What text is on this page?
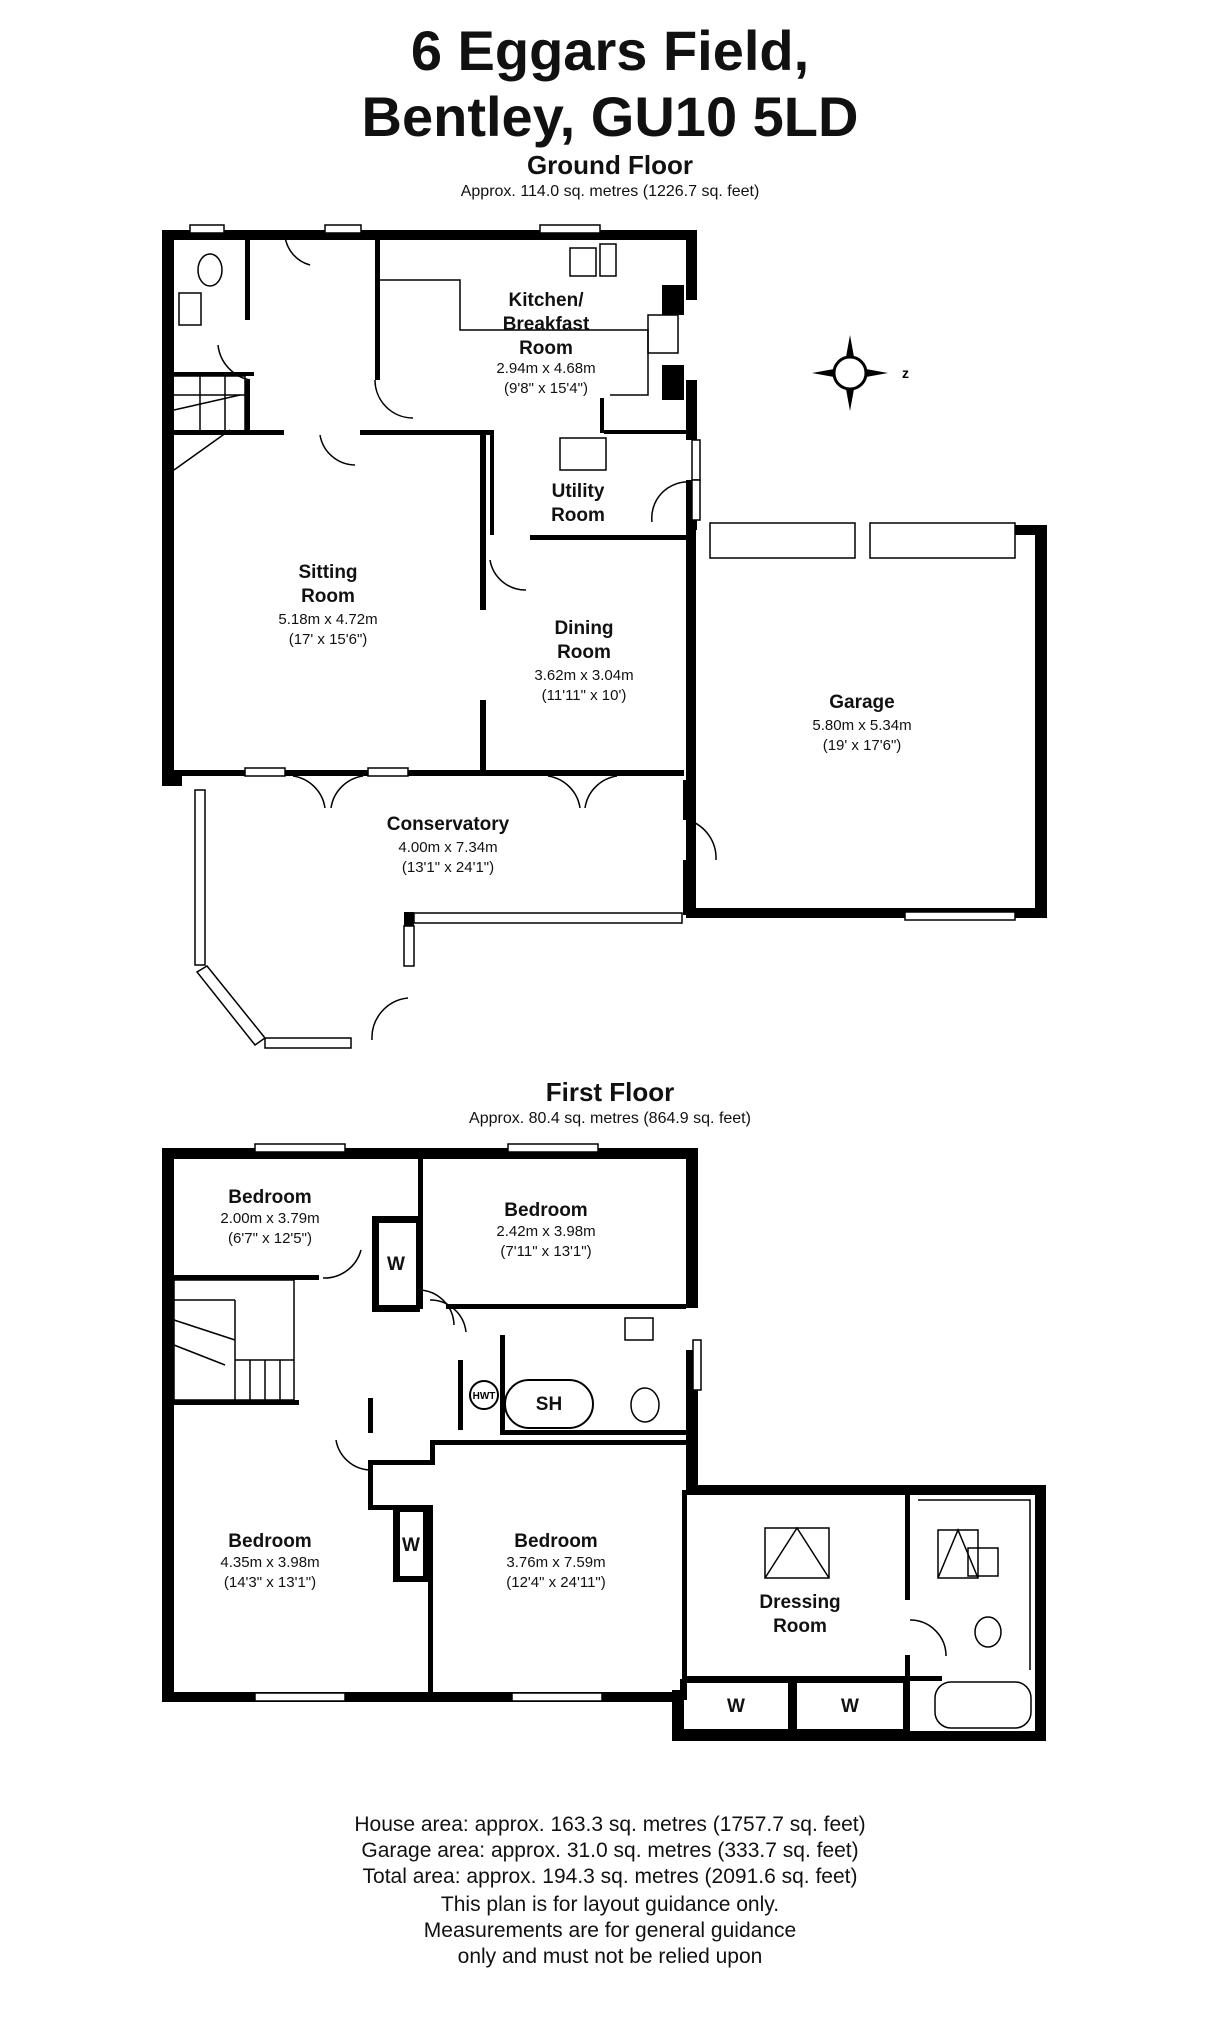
6 Eggars Field,
Bentley, GU10 5LD
Ground Floor
Approx. 114.0 sq. metres (1226.7 sq. feet)
First Floor
Approx. 80.4 sq. metres (864.9 sq. feet)
z
Kitchen/
Breakfast
Room
2.94m x 4.68m
(9'8" x 15'4")
Utility
Room
Sitting
Room
5.18m x 4.72m
(17' x 15'6")
Dining
Room
3.62m x 3.04m
(11'11" x 10')	Garage
5.80m x 5.34m
(19' x 17'6")
Conservatory
4.00m x 7.34m
(13'1" x 24'1")
W
W
W	W
HWT SH
Bedroom
2.00m x 3.79m
(6'7" x 12'5")
Bedroom
2.42m x 3.98m
(7'11" x 13'1")
Bedroom
4.35m x 3.98m
(14'3" x 13'1")
Bedroom
3.76m x 7.59m
(12'4" x 24'11")
Dressing
Room
House area: approx. 163.3 sq. metres (1757.7 sq. feet)
Garage area: approx. 31.0 sq. metres (333.7 sq. feet)
Total area: approx. 194.3 sq. metres (2091.6 sq. feet)
This plan is for layout guidance only.
Measurements are for general guidance
only and must not be relied upon
